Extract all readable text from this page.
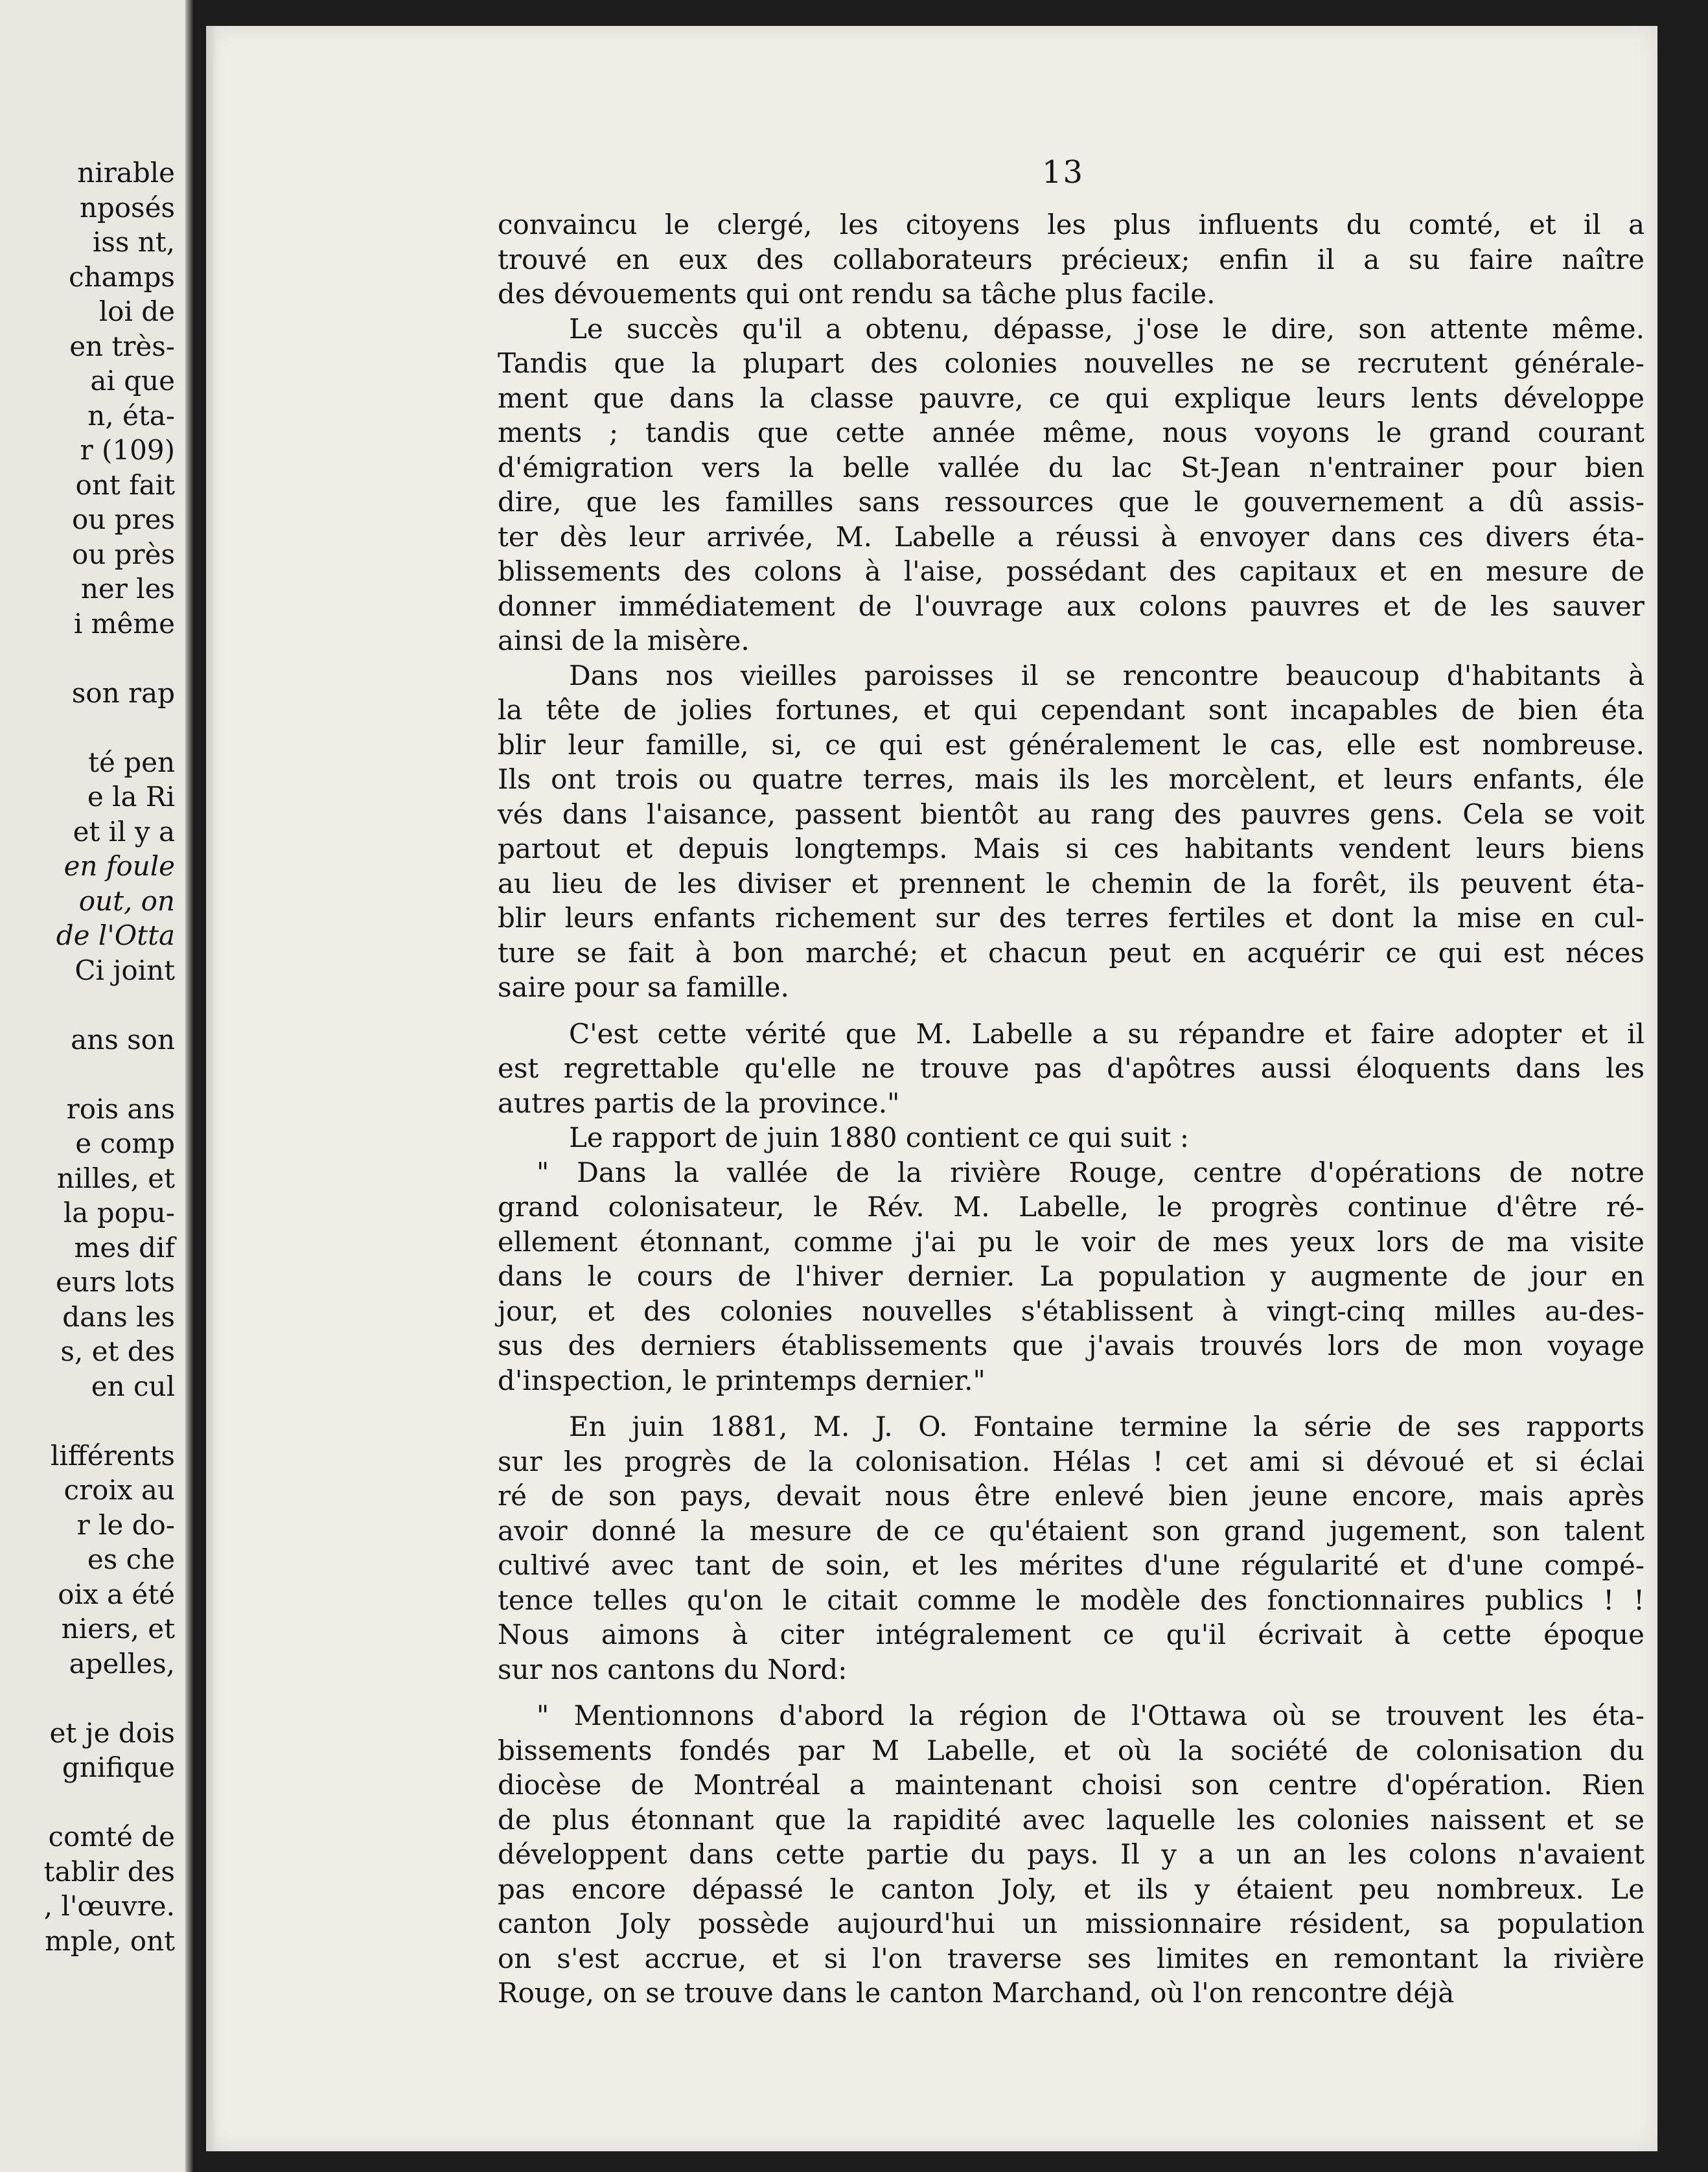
nirable
nposés
iss nt,
champs
loi de
en très-
ai que
n, éta-
r (109)
ont fait
ou pres
ou près
ner les
i même
son rap
té pen
e la Ri
et il y a
en foule
out, on
de l'Otta
Ci joint
ans son
rois ans
e comp
nilles, et
la popu-
mes dif
eurs lots
dans les
s, et des
en cul
lifférents
croix au
r le do-
es che
oix a été
niers, et
apelles,
et je dois
gnifique
comté de
tablir des
, l'œuvre.
mple, ont
13
convaincu le clergé, les citoyens les plus influents du comté, et il a
trouvé en eux des collaborateurs précieux; enfin il a su faire naître
des dévouements qui ont rendu sa tâche plus facile.
Le succès qu'il a obtenu, dépasse, j'ose le dire, son attente même.
Tandis que la plupart des colonies nouvelles ne se recrutent générale-
ment que dans la classe pauvre, ce qui explique leurs lents développe
ments ; tandis que cette année même, nous voyons le grand courant
d'émigration vers la belle vallée du lac St-Jean n'entrainer pour bien
dire, que les familles sans ressources que le gouvernement a dû assis-
ter dès leur arrivée, M. Labelle a réussi à envoyer dans ces divers éta-
blissements des colons à l'aise, possédant des capitaux et en mesure de
donner immédiatement de l'ouvrage aux colons pauvres et de les sauver
ainsi de la misère.
Dans nos vieilles paroisses il se rencontre beaucoup d'habitants à
la tête de jolies fortunes, et qui cependant sont incapables de bien éta
blir leur famille, si, ce qui est généralement le cas, elle est nombreuse.
Ils ont trois ou quatre terres, mais ils les morcèlent, et leurs enfants, éle
vés dans l'aisance, passent bientôt au rang des pauvres gens. Cela se voit
partout et depuis longtemps. Mais si ces habitants vendent leurs biens
au lieu de les diviser et prennent le chemin de la forêt, ils peuvent éta-
blir leurs enfants richement sur des terres fertiles et dont la mise en cul-
ture se fait à bon marché; et chacun peut en acquérir ce qui est néces
saire pour sa famille.
C'est cette vérité que M. Labelle a su répandre et faire adopter et il
est regrettable qu'elle ne trouve pas d'apôtres aussi éloquents dans les
autres partis de la province."
Le rapport de juin 1880 contient ce qui suit :
" Dans la vallée de la rivière Rouge, centre d'opérations de notre
grand colonisateur, le Rév. M. Labelle, le progrès continue d'être ré-
ellement étonnant, comme j'ai pu le voir de mes yeux lors de ma visite
dans le cours de l'hiver dernier. La population y augmente de jour en
jour, et des colonies nouvelles s'établissent à vingt-cinq milles au-des-
sus des derniers établissements que j'avais trouvés lors de mon voyage
d'inspection, le printemps dernier."
En juin 1881, M. J. O. Fontaine termine la série de ses rapports
sur les progrès de la colonisation. Hélas ! cet ami si dévoué et si éclai
ré de son pays, devait nous être enlevé bien jeune encore, mais après
avoir donné la mesure de ce qu'étaient son grand jugement, son talent
cultivé avec tant de soin, et les mérites d'une régularité et d'une compé-
tence telles qu'on le citait comme le modèle des fonctionnaires publics ! !
Nous aimons à citer intégralement ce qu'il écrivait à cette époque
sur nos cantons du Nord:
" Mentionnons d'abord la région de l'Ottawa où se trouvent les éta-
bissements fondés par M Labelle, et où la société de colonisation du
diocèse de Montréal a maintenant choisi son centre d'opération. Rien
de plus étonnant que la rapidité avec laquelle les colonies naissent et se
développent dans cette partie du pays. Il y a un an les colons n'avaient
pas encore dépassé le canton Joly, et ils y étaient peu nombreux. Le
canton Joly possède aujourd'hui un missionnaire résident, sa population
on s'est accrue, et si l'on traverse ses limites en remontant la rivière
Rouge, on se trouve dans le canton Marchand, où l'on rencontre déjà
